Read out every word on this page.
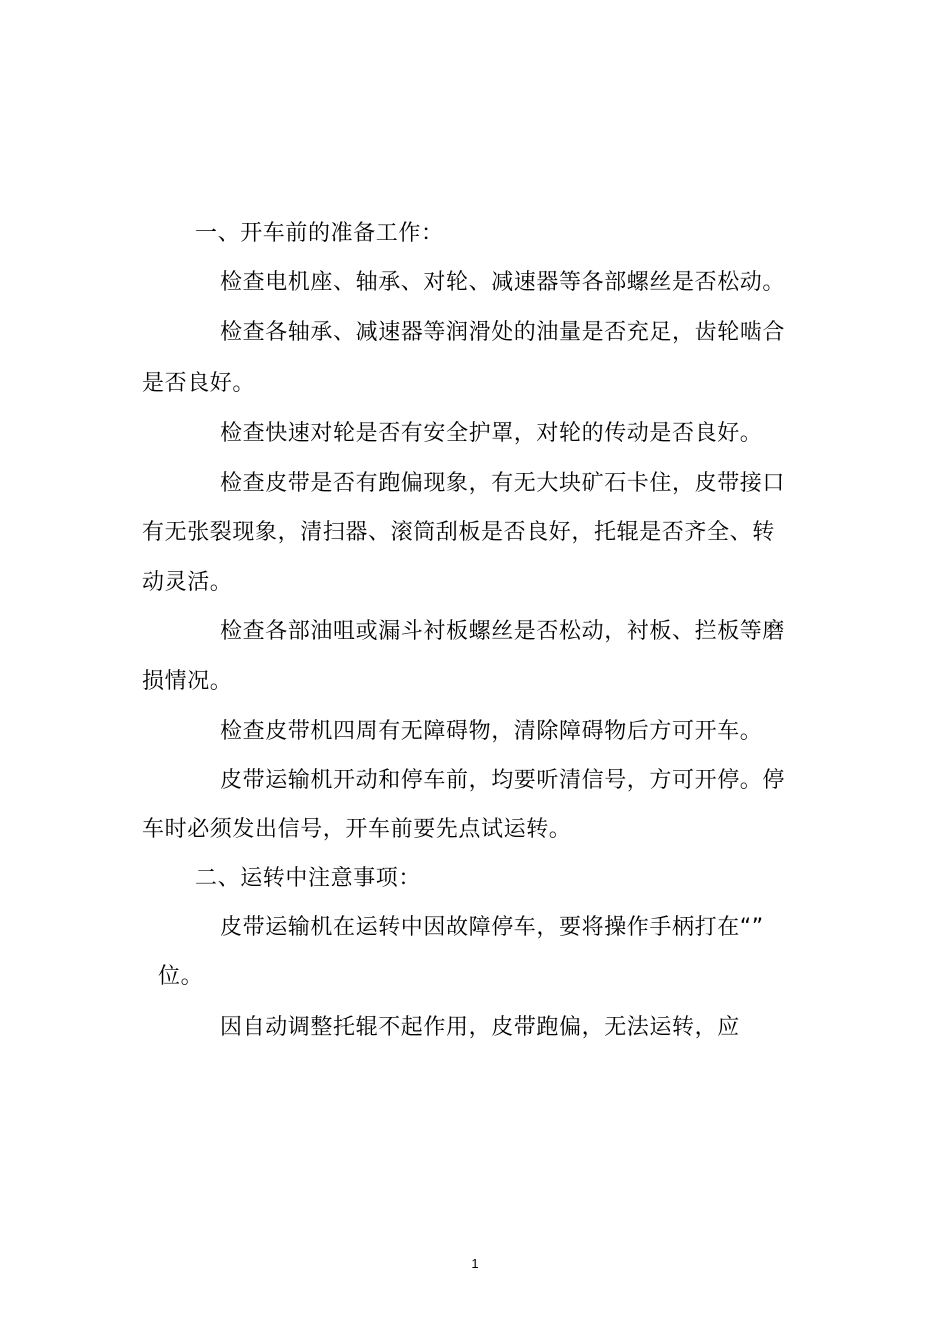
一、开车前的准备工作：
检查电机座、轴承、对轮、减速器等各部螺丝是否松动。
检查各轴承、减速器等润滑处的油量是否充足，齿轮啮合
是否良好。
检查快速对轮是否有安全护罩，对轮的传动是否良好。
检查皮带是否有跑偏现象，有无大块矿石卡住，皮带接口
有无张裂现象，清扫器、滚筒刮板是否良好，托辊是否齐全、转
动灵活。
检查各部油咀或漏斗衬板螺丝是否松动，衬板、拦板等磨
损情况。
检查皮带机四周有无障碍物，清除障碍物后方可开车。
皮带运输机开动和停车前，均要听清信号，方可开停。停
车时必须发出信号，开车前要先点试运转。
二、运转中注意事项：
皮带运输机在运转中因故障停车，要将操作手柄打在“”
位。
因自动调整托辊不起作用，皮带跑偏，无法运转，应
1
